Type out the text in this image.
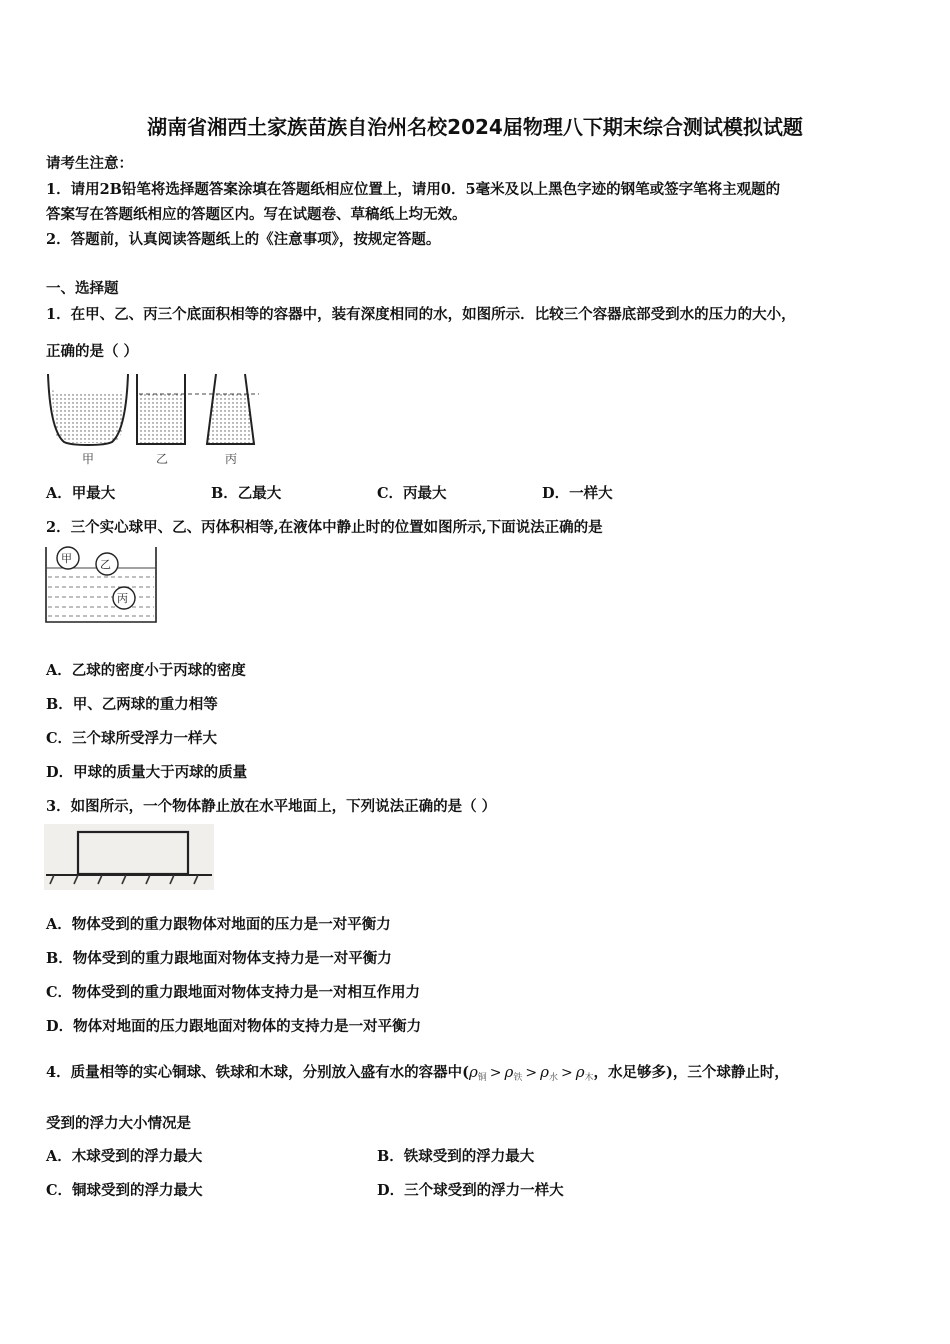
湖南省湘西土家族苗族自治州名校2024届物理八下期末综合测试模拟试题
请考生注意：
1．请用2B铅笔将选择题答案涂填在答题纸相应位置上，请用0．5毫米及以上黑色字迹的钢笔或签字笔将主观题的
答案写在答题纸相应的答题区内。写在试题卷、草稿纸上均无效。
2．答题前，认真阅读答题纸上的《注意事项》，按规定答题。
一、选择题
1．在甲、乙、丙三个底面积相等的容器中，装有深度相同的水，如图所示．比较三个容器底部受到水的压力的大小，
正确的是（ ）
甲	乙	丙
A．甲最大	B．乙最大	C．丙最大	D．一样大
2．三个实心球甲、乙、丙体积相等,在液体中静止时的位置如图所示,下面说法正确的是
甲	乙
丙
A．乙球的密度小于丙球的密度
B．甲、乙两球的重力相等
C．三个球所受浮力一样大
D．甲球的质量大于丙球的质量
3．如图所示，一个物体静止放在水平地面上，下列说法正确的是（ ）
A．物体受到的重力跟物体对地面的压力是一对平衡力
B．物体受到的重力跟地面对物体支持力是一对平衡力
C．物体受到的重力跟地面对物体支持力是一对相互作用力
D．物体对地面的压力跟地面对物体的支持力是一对平衡力
4．质量相等的实心铜球、铁球和木球，分别放入盛有水的容器中($\rho_铜 > \rho_铁 > \rho_水 > \rho_木$，水足够多)，三个球静止时，
受到的浮力大小情况是
A．木球受到的浮力最大	B．铁球受到的浮力最大
C．铜球受到的浮力最大	D．三个球受到的浮力一样大
